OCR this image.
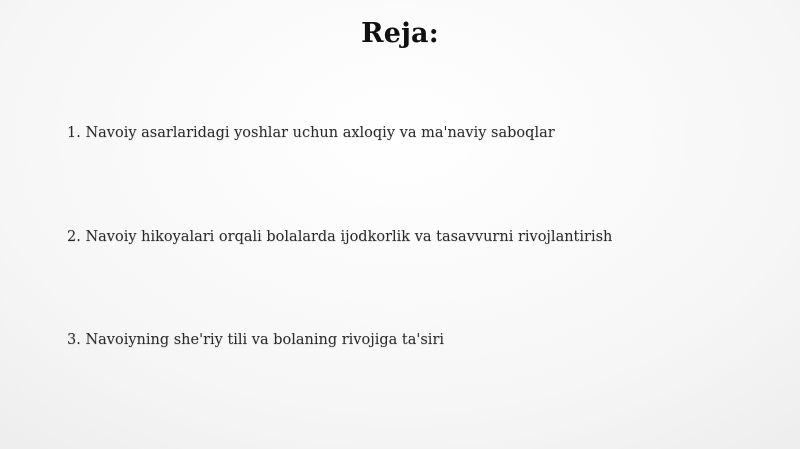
Reja:
1. Navoiy asarlaridagi yoshlar uchun axloqiy va ma'naviy saboqlar
2. Navoiy hikoyalari orqali bolalarda ijodkorlik va tasavvurni rivojlantirish
3. Navoiyning she'riy tili va bolaning rivojiga ta'siri
